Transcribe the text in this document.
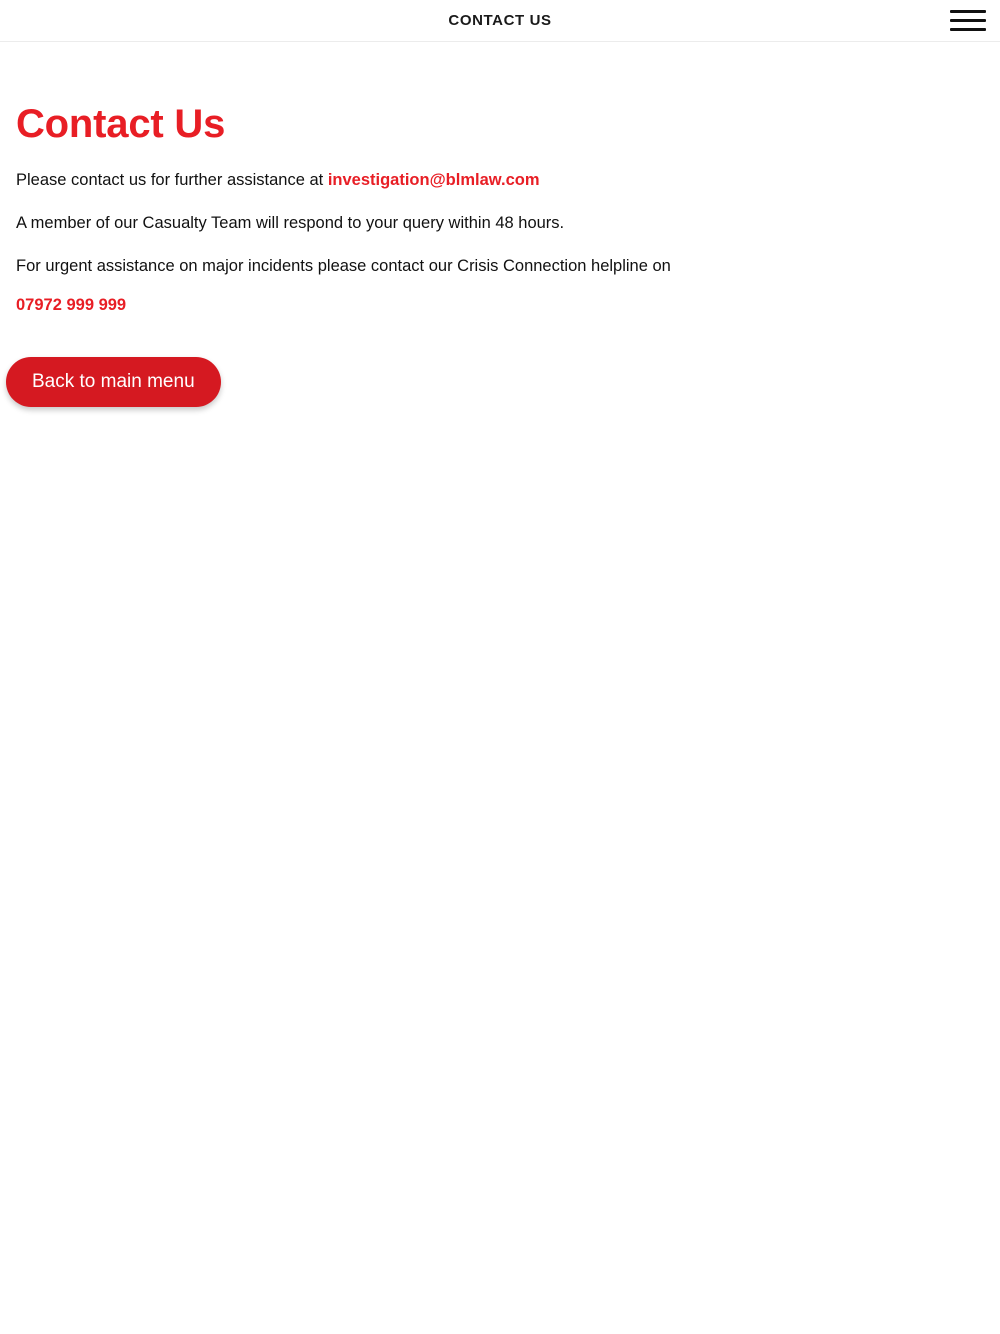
CONTACT US
Contact Us

Please contact us for further assistance at investigation@blmlaw.com

A member of our Casualty Team will respond to your query within 48 hours.

For urgent assistance on major incidents please contact our Crisis Connection helpline on

07972 999 999

Back to main menu
